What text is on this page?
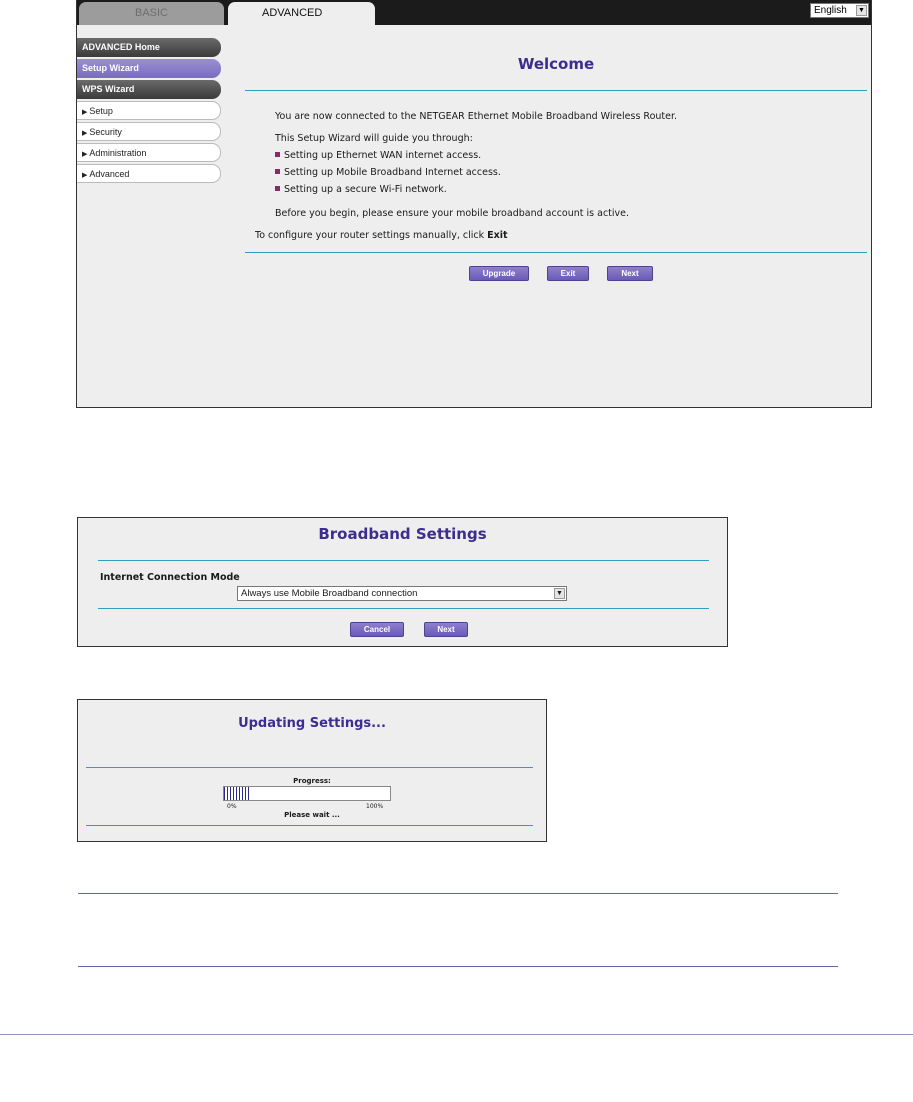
BASIC	ADVANCED	English ▼
ADVANCED Home
Setup Wizard
WPS Wizard
▶ Setup
▶ Security
▶ Administration
▶ Advanced
Welcome
You are now connected to the NETGEAR Ethernet Mobile Broadband Wireless Router.
This Setup Wizard will guide you through:
Setting up Ethernet WAN internet access.
Setting up Mobile Broadband Internet access.
Setting up a secure Wi-Fi network.
Before you begin, please ensure your mobile broadband account is active.
To configure your router settings manually, click Exit
Upgrade	Exit	Next
Broadband Settings
Internet Connection Mode
Always use Mobile Broadband connection	▼
Cancel	Next
Updating Settings...
Progress:
0%	100%
Please wait ...
